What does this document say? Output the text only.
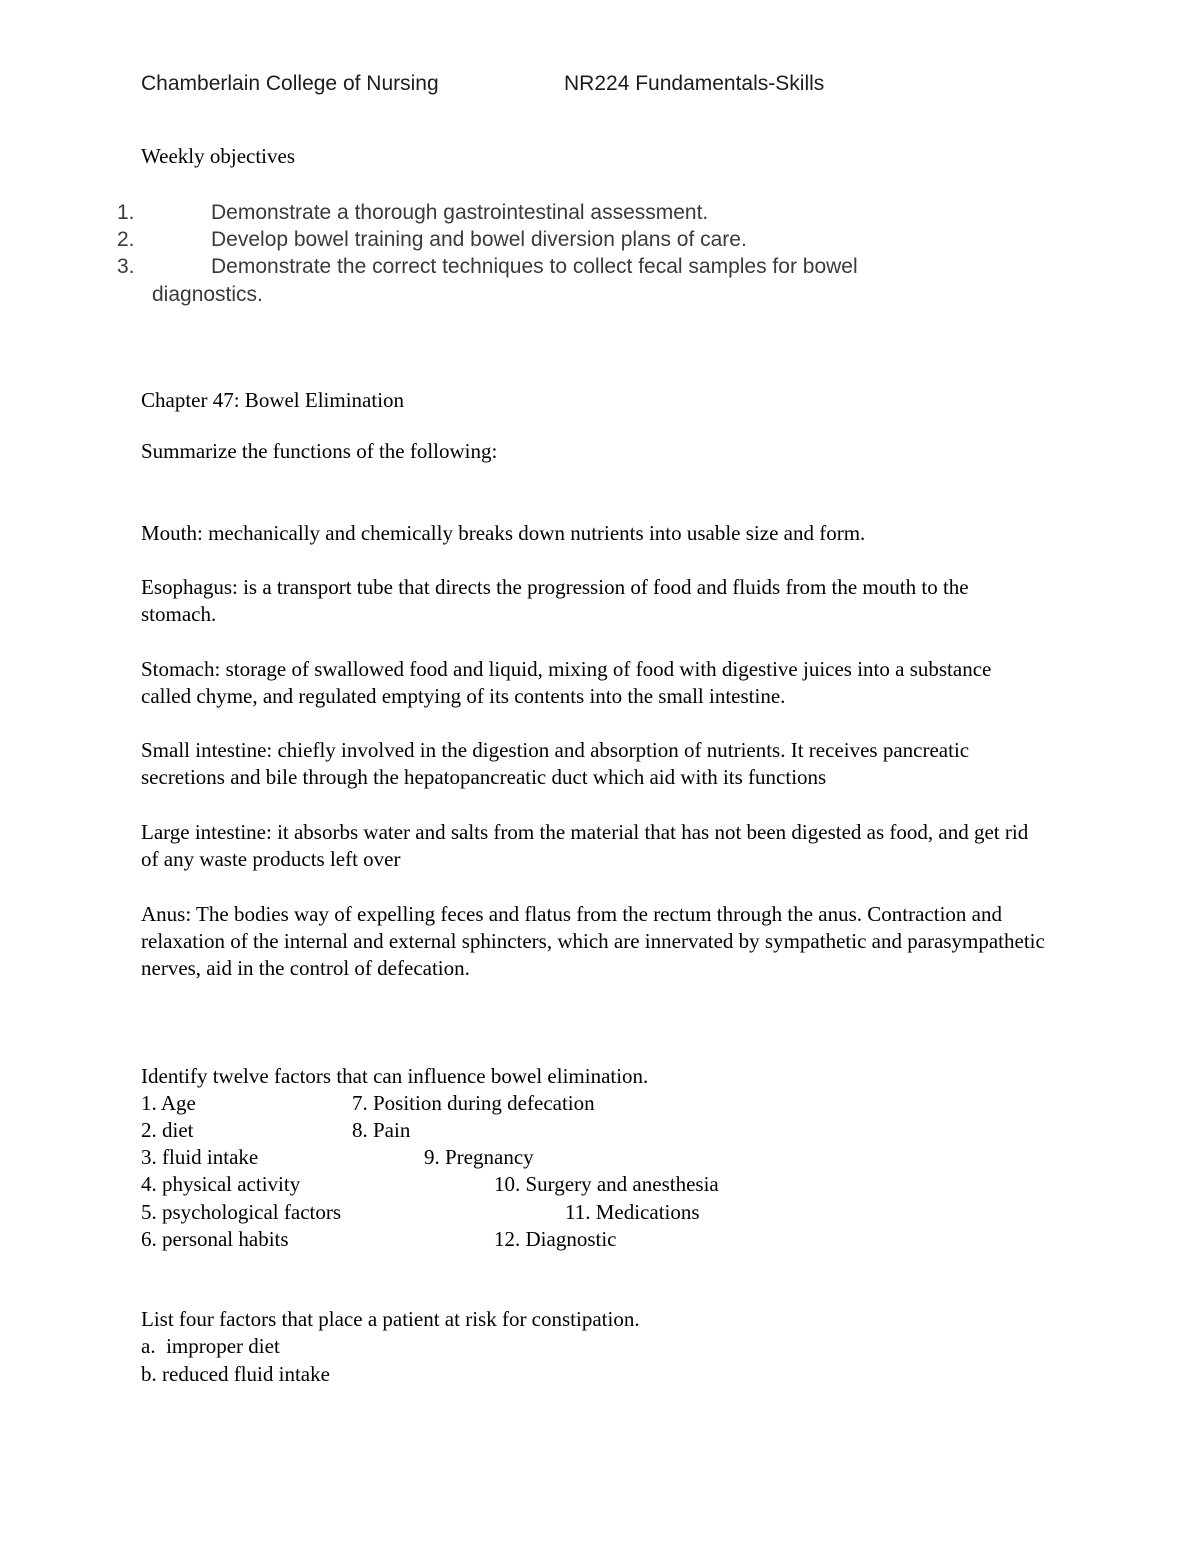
Chamberlain College of Nursing	NR224 Fundamentals-Skills
Weekly objectives
1.	Demonstrate a thorough gastrointestinal assessment.
2.	Develop bowel training and bowel diversion plans of care.
3.	Demonstrate the correct techniques to collect fecal samples for bowel
diagnostics.
Chapter 47: Bowel Elimination
Summarize the functions of the following:
Mouth: mechanically and chemically breaks down nutrients into usable size and form.
Esophagus: is a transport tube that directs the progression of food and fluids from the mouth to the stomach.
Stomach: storage of swallowed food and liquid, mixing of food with digestive juices into a substance called chyme, and regulated emptying of its contents into the small intestine.
Small intestine: chiefly involved in the digestion and absorption of nutrients. It receives pancreatic secretions and bile through the hepatopancreatic duct which aid with its functions
Large intestine: it absorbs water and salts from the material that has not been digested as food, and get rid of any waste products left over
Anus: The bodies way of expelling feces and flatus from the rectum through the anus. Contraction and relaxation of the internal and external sphincters, which are innervated by sympathetic and parasympathetic nerves, aid in the control of defecation.
Identify twelve factors that can influence bowel elimination.
1. Age	7. Position during defecation
2. diet	8. Pain
3. fluid intake	9. Pregnancy
4. physical activity	10. Surgery and anesthesia
5. psychological factors	11. Medications
6. personal habits	12. Diagnostic
List four factors that place a patient at risk for constipation.
a.  improper diet
b. reduced fluid intake
